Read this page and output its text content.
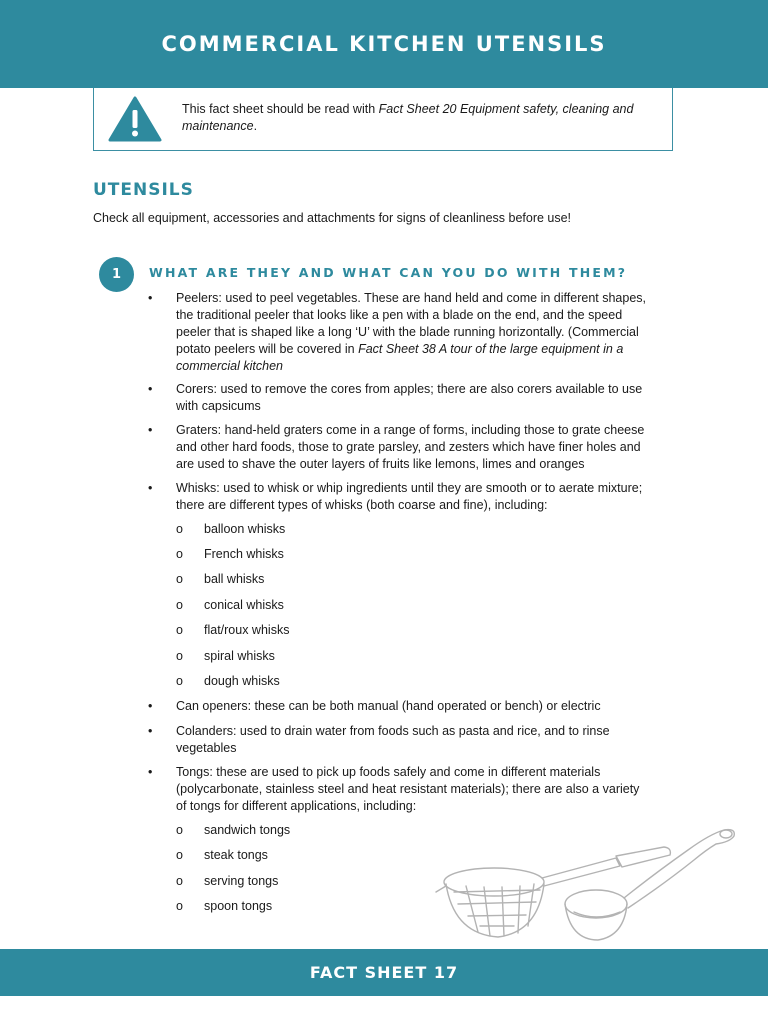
COMMERCIAL KITCHEN UTENSILS
This fact sheet should be read with Fact Sheet 20 Equipment safety, cleaning and maintenance.
UTENSILS
Check all equipment, accessories and attachments for signs of cleanliness before use!
1	WHAT ARE THEY AND WHAT CAN YOU DO WITH THEM?
• Peelers: used to peel vegetables. These are hand held and come in different shapes,
the traditional peeler that looks like a pen with a blade on the end, and the speed
peeler that is shaped like a long ‘U’ with the blade running horizontally. (Commercial
potato peelers will be covered in Fact Sheet 38 A tour of the large equipment in a
commercial kitchen
• Corers: used to remove the cores from apples; there are also corers available to use
with capsicums
• Graters: hand-held graters come in a range of forms, including those to grate cheese
and other hard foods, those to grate parsley, and zesters which have finer holes and
are used to shave the outer layers of fruits like lemons, limes and oranges
• Whisks: used to whisk or whip ingredients until they are smooth or to aerate mixture;
there are different types of whisks (both coarse and fine), including:
o balloon whisks
o French whisks
o ball whisks
o conical whisks
o flat/roux whisks
o spiral whisks
o dough whisks
• Can openers: these can be both manual (hand operated or bench) or electric
• Colanders: used to drain water from foods such as pasta and rice, and to rinse
vegetables
• Tongs: these are used to pick up foods safely and come in different materials
(polycarbonate, stainless steel and heat resistant materials); there are also a variety
of tongs for different applications, including:
o sandwich tongs
o steak tongs
o serving tongs
o spoon tongs
FACT SHEET 17
